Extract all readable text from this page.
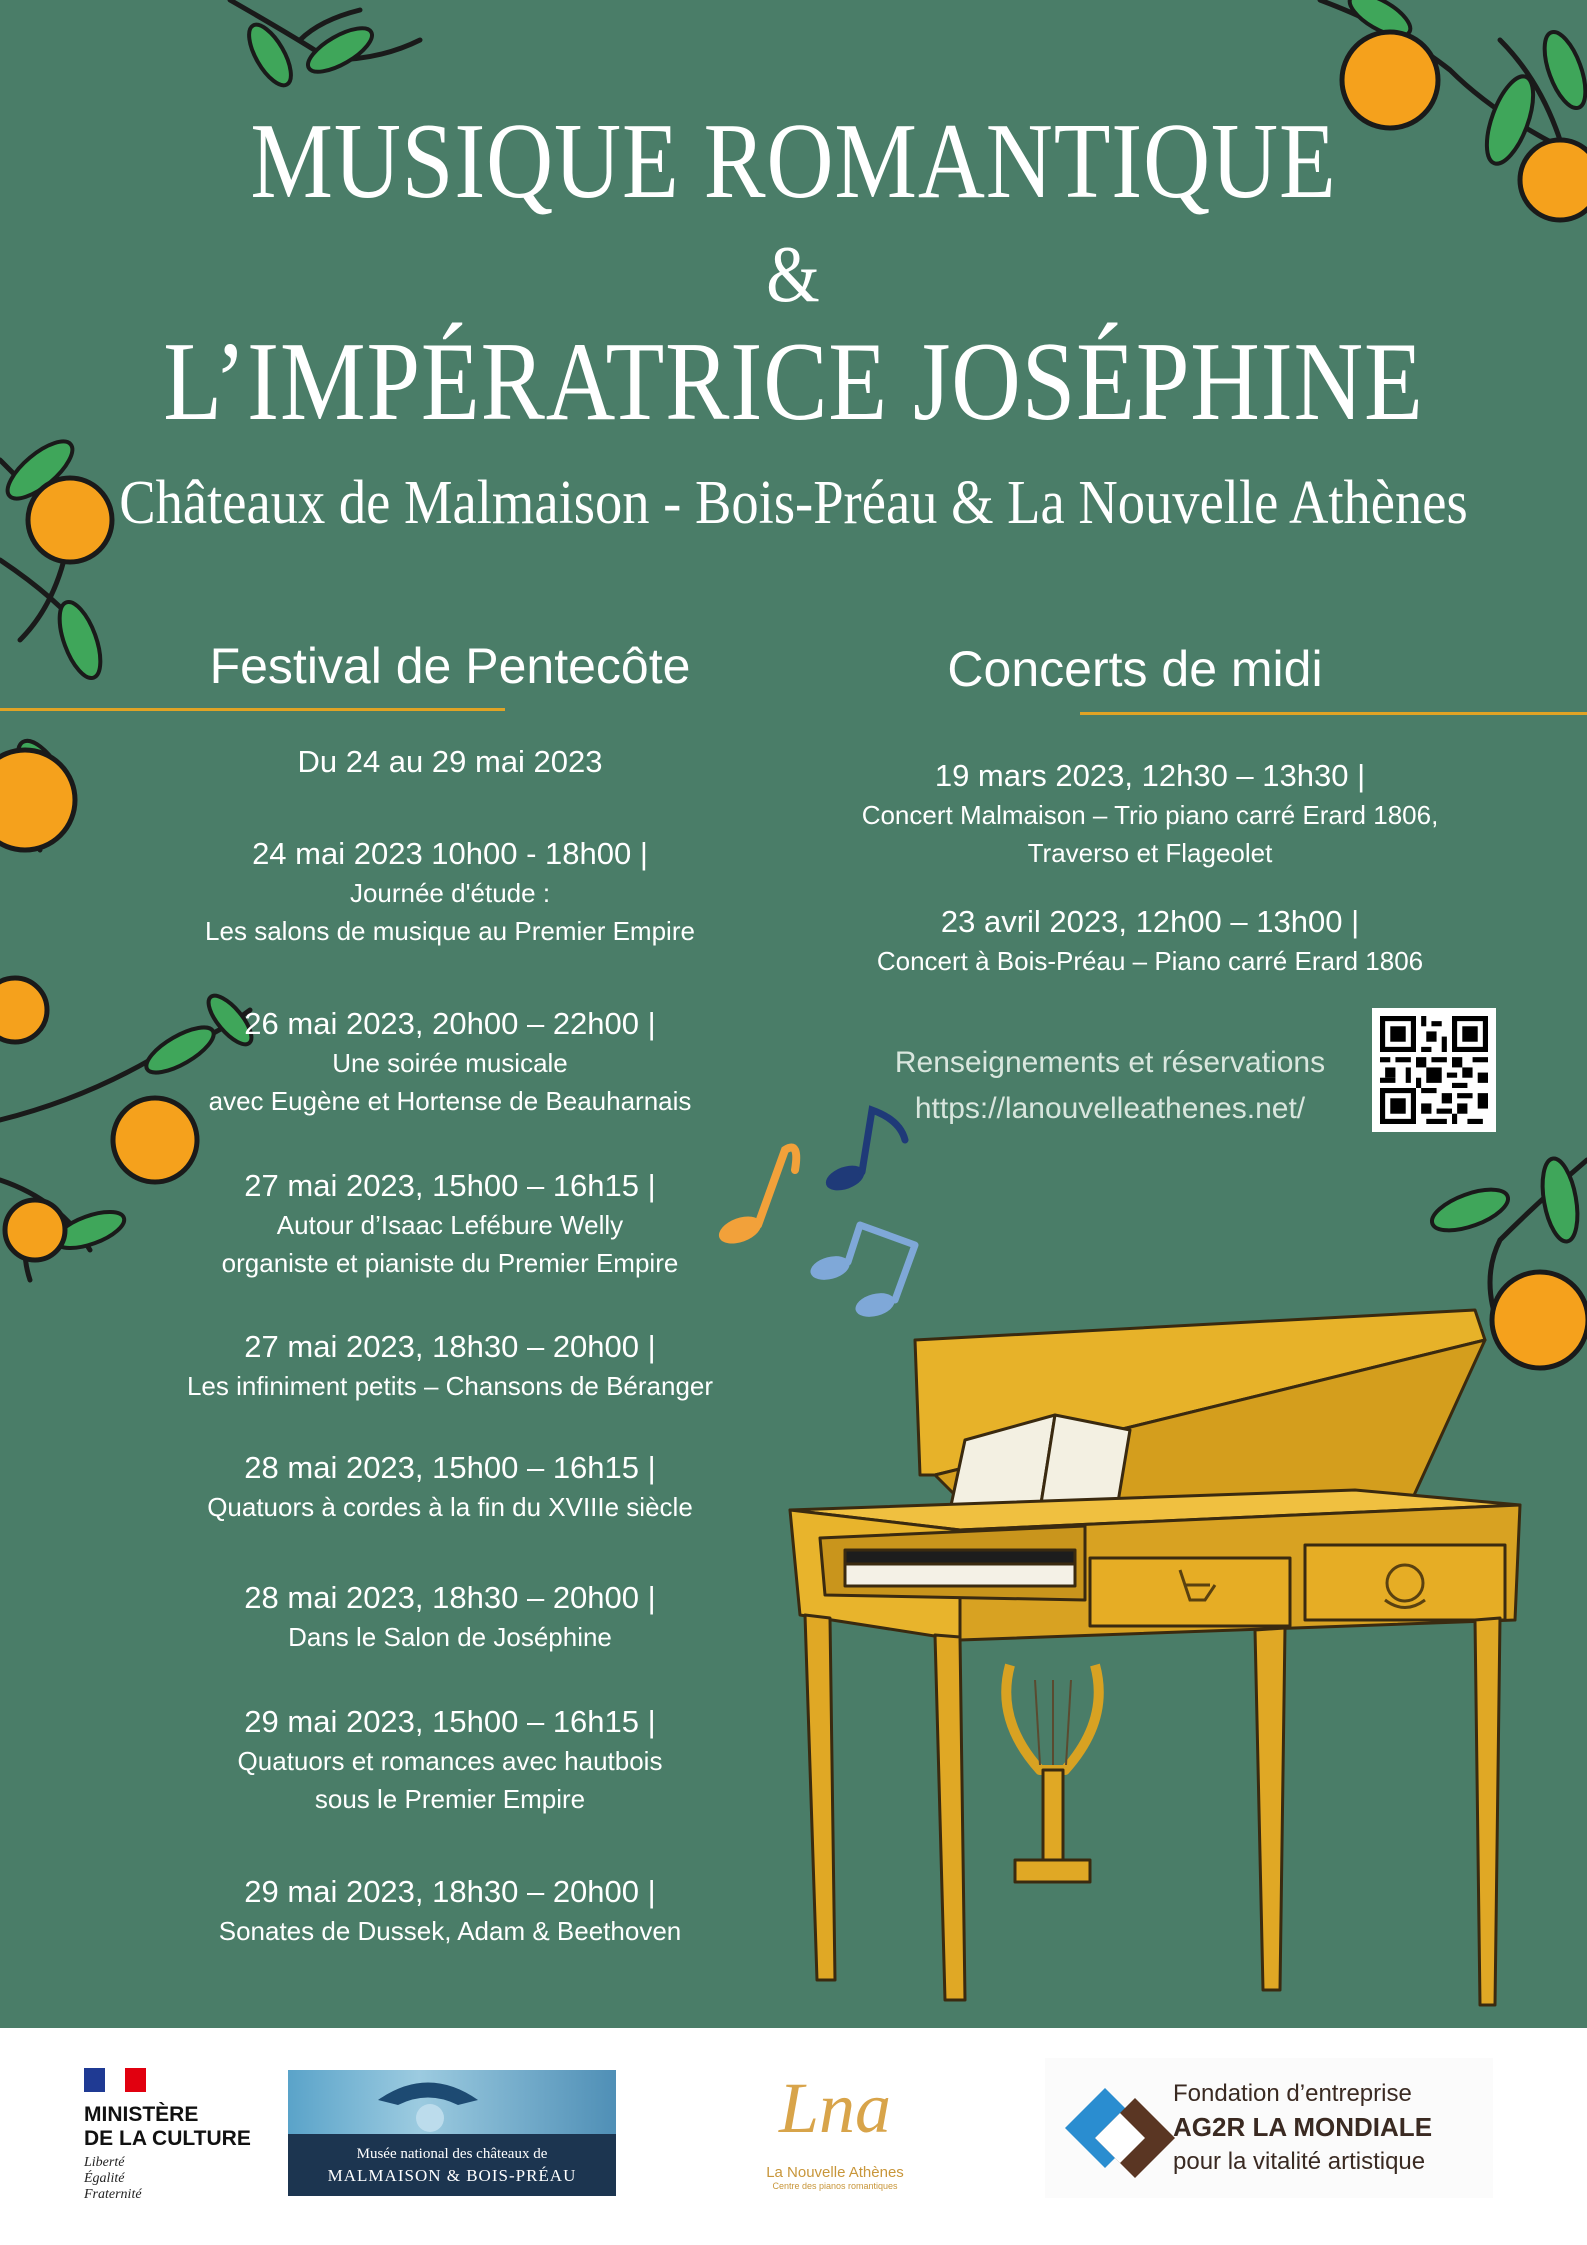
MUSIQUE ROMANTIQUE
&
L’IMPÉRATRICE JOSÉPHINE
Châteaux de Malmaison - Bois-Préau & La Nouvelle Athènes
Festival de Pentecôte	Concerts de midi
Du 24 au 29 mai 2023
24 mai 2023 10h00 - 18h00 |
Journée d'étude :
Les salons de musique au Premier Empire
26 mai 2023, 20h00 – 22h00 |
Une soirée musicale
avec Eugène et Hortense de Beauharnais
27 mai 2023, 15h00 – 16h15 |
Autour d’Isaac Lefébure Welly
organiste et pianiste du Premier Empire
27 mai 2023, 18h30 – 20h00 |
Les infiniment petits – Chansons de Béranger
28 mai 2023, 15h00 – 16h15 |
Quatuors à cordes à la fin du XVIIIe siècle
28 mai 2023, 18h30 – 20h00 |
Dans le Salon de Joséphine
29 mai 2023, 15h00 – 16h15 |
Quatuors et romances avec hautbois
sous le Premier Empire
29 mai 2023, 18h30 – 20h00 |
Sonates de Dussek, Adam & Beethoven
19 mars 2023, 12h30 – 13h30 |
Concert Malmaison – Trio piano carré Erard 1806,
Traverso et Flageolet
23 avril 2023, 12h00 – 13h00 |
Concert à Bois-Préau – Piano carré Erard 1806
Renseignements et réservations
https://lanouvelleathenes.net/
MINISTÈRE
DE LA CULTURE
Liberté
Égalité
Fraternité
Musée national des châteaux de
MALMAISON & BOIS-PRÉAU
Lna
La Nouvelle Athènes
Centre des pianos romantiques
Fondation d’entreprise
AG2R LA MONDIALE
pour la vitalité artistique
